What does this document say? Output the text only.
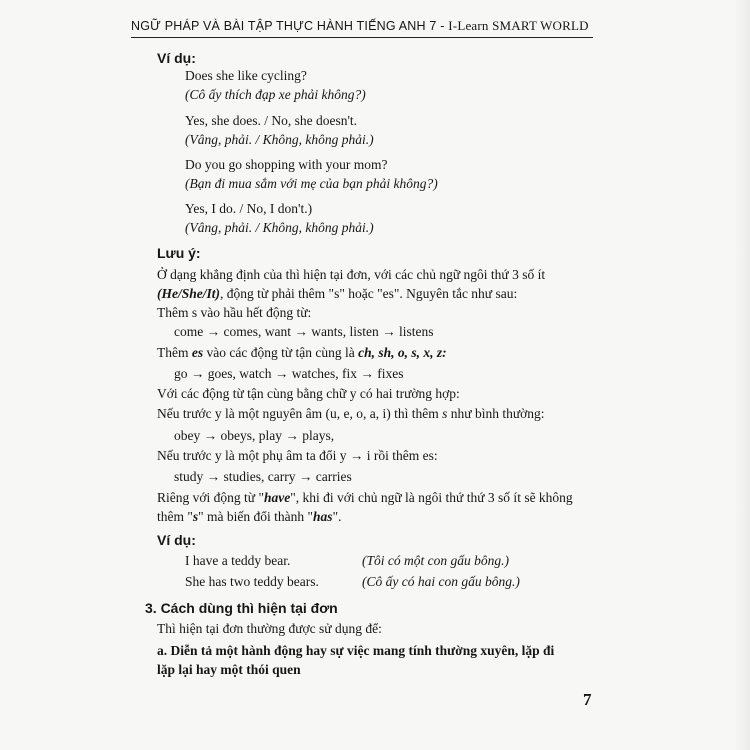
NGỮ PHÁP VÀ BÀI TẬP THỰC HÀNH TIẾNG ANH 7 - I-Learn SMART WORLD
Ví dụ:
Does she like cycling?
(Cô ấy thích đạp xe phải không?)
Yes, she does. / No, she doesn't.
(Vâng, phải. / Không, không phải.)
Do you go shopping with your mom?
(Bạn đi mua sắm với mẹ của bạn phải không?)
Yes, I do. / No, I don't.)
(Vâng, phải. / Không, không phải.)
Lưu ý:
Ở dạng khẳng định của thì hiện tại đơn, với các chủ ngữ ngôi thứ 3 số ít
(He/She/It), động từ phải thêm "s" hoặc "es". Nguyên tắc như sau:
Thêm s vào hầu hết động từ:
come → comes, want → wants, listen → listens
Thêm es vào các động từ tận cùng là ch, sh, o, s, x, z:
go → goes, watch → watches, fix → fixes
Với các động từ tận cùng bằng chữ y có hai trường hợp:
Nếu trước y là một nguyên âm (u, e, o, a, i) thì thêm s như bình thường:
obey → obeys, play → plays,
Nếu trước y là một phụ âm ta đổi y → i rồi thêm es:
study → studies, carry → carries
Riêng với động từ "have", khi đi với chủ ngữ là ngôi thứ thứ 3 số ít sẽ không
thêm "s" mà biến đổi thành "has".
Ví dụ:
I have a teddy bear.	(Tôi có một con gấu bông.)
She has two teddy bears.	(Cô ấy có hai con gấu bông.)
3. Cách dùng thì hiện tại đơn
Thì hiện tại đơn thường được sử dụng để:
a. Diễn tả một hành động hay sự việc mang tính thường xuyên, lặp đi
lặp lại hay một thói quen
7
